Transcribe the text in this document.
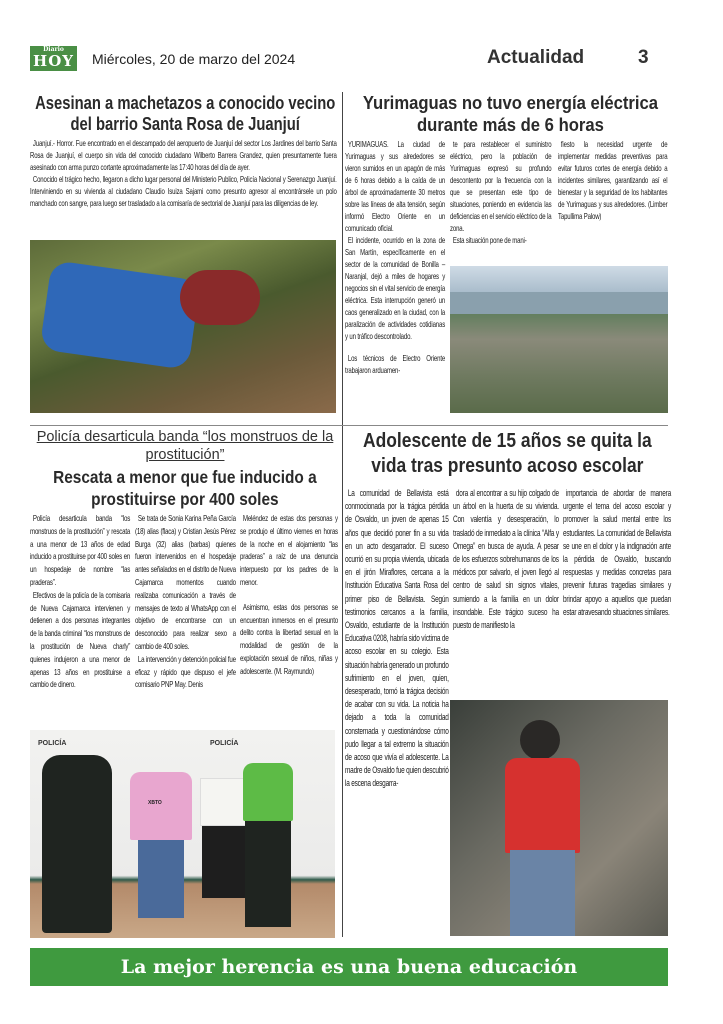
Diario
HOY Miércoles, 20 de marzo del 2024	Actualidad	3
Asesinan a machetazos a conocido vecino del barrio Santa Rosa de Juanjuí

Juanjuí.- Horror. Fue encontrado en el descampado del aeropuerto de Juanjuí del sector Los Jardines del barrio Santa Rosa de Juanjuí, el cuerpo sin vida del conocido ciudadano Wilberto Barrera Grandez, quien presuntamente fuera asesinado con arma punzo cortante aproximadamente las 17:40 horas del día de ayer.

Conocido el trágico hecho, llegaron a dicho lugar personal del Ministerio Publico, Policía Nacional y Serenazgo Juanjuí. Interviniendo en su vivienda al ciudadano Claudio Isuiza Sajami como presunto agresor al encontrársele un polo manchado con sangre, para luego ser trasladado a la comisaría de sectorial de Juanjuí para las diligencias de ley.

Yurimaguas no tuvo energía eléctrica durante más de 6 horas

YURIMAGUAS. La ciudad de Yurimaguas y sus alrededores se vieron sumidos en un apagón de más de 6 horas debido a la caída de un árbol de aproximadamente 30 metros sobre las líneas de alta tensión, según informó Electro Oriente en un comunicado oficial.

El incidente, ocurrido en la zona de San Martín, específicamente en el sector de la comunidad de Bonilla – Naranjal, dejó a miles de hogares y negocios sin el vital servicio de energía eléctrica. Esta interrupción generó un caos generalizado en la ciudad, con la paralización de actividades cotidianas y un tráfico descontrolado.

Los técnicos de Electro Oriente trabajaron arduamen-

te para restablecer el suministro eléctrico, pero la población de Yurimaguas expresó su profundo descontento por la frecuencia con la que se presentan este tipo de situaciones, poniendo en evidencia las deficiencias en el servicio eléctrico de la zona.

Esta situación pone de mani-

fiesto la necesidad urgente de implementar medidas preventivas para evitar futuros cortes de energía debido a incidentes similares, garantizando así el bienestar y la seguridad de los habitantes de Yurimaguas y sus alrededores. (Limber Tapullima Palow)

Policía desarticula banda “los monstruos de la prostitución”
Rescata a menor que fue inducido a prostituirse por 400 soles

Policía desarticula banda “los monstruos de la prostitución” y rescata a una menor de 13 años de edad inducido a prostituirse por 400 soles en un hospedaje de nombre “las praderas”.

Efectivos de la policía de la comisaria de Nueva Cajamarca intervienen y detienen a dos personas integrantes de la banda criminal “los monstruos de la prostitución de Nueva charly” quienes indujeron a una menor de apenas 13 años en prostituirse a cambio de dinero.

Se trata de Sonia Karina Peña García (18) alias (flaca) y Cristian Jesús Pérez Burga (32) alias (barbas) quienes fueron intervenidos en el hospedaje antes señalados en el distrito de Nueva Cajamarca momentos cuando realizaba comunicación a través de mensajes de texto al WhatsApp con el objetivo de encontrarse con un desconocido para realizar sexo a cambio de 400 soles.

La intervención y detención policial fue eficaz y rápido que dispuso el jefe comisario PNP May. Denis

Meléndez de estas dos personas y se produjo el último viernes en horas de la noche en el alojamiento “las praderas” a raíz de una denuncia interpuesto por los padres de la menor.

Asimismo, estas dos personas se encuentran inmersos en el presunto delito contra la libertad sexual en la modalidad de gestión de la explotación sexual de niños, niñas y adolescente. (M. Raymundo)

POLICÍA	POLICÍA
XBTO
Adolescente de 15 años se quita la vida tras presunto acoso escolar

La comunidad de Bellavista está conmocionada por la trágica pérdida de Osvaldo, un joven de apenas 15 años que decidió poner fin a su vida en un acto desgarrador. El suceso ocurrió en su propia vivienda, ubicada en el jirón Miraflores, cercana a la Institución Educativa Santa Rosa del primer piso de Bellavista. Según testimonios cercanos a la familia, Osvaldo, estudiante de la Institución Educativa 0208, habría sido víctima de acoso escolar en su colegio. Esta situación habría generado un profundo sufrimiento en el joven, quien, desesperado, tomó la trágica decisión de acabar con su vida. La noticia ha dejado a toda la comunidad consternada y cuestionándose cómo pudo llegar a tal extremo la situación de acoso que vivía el adolescente. La madre de Osvaldo fue quien descubrió la escena desgarra-

dora al encontrar a su hijo colgado de un árbol en la huerta de su vivienda. Con valentía y desesperación, lo trasladó de inmediato a la clínica “Alfa y Omega” en busca de ayuda. A pesar de los esfuerzos sobrehumanos de los médicos por salvarlo, el joven llegó al centro de salud sin signos vitales, sumiendo a la familia en un dolor insondable. Este trágico suceso ha puesto de manifiesto la

importancia de abordar de manera urgente el tema del acoso escolar y promover la salud mental entre los estudiantes. La comunidad de Bellavista se une en el dolor y la indignación ante la pérdida de Osvaldo, buscando respuestas y medidas concretas para prevenir futuras tragedias similares y brindar apoyo a aquellos que puedan estar atravesando situaciones similares.

La mejor herencia es una buena educación
